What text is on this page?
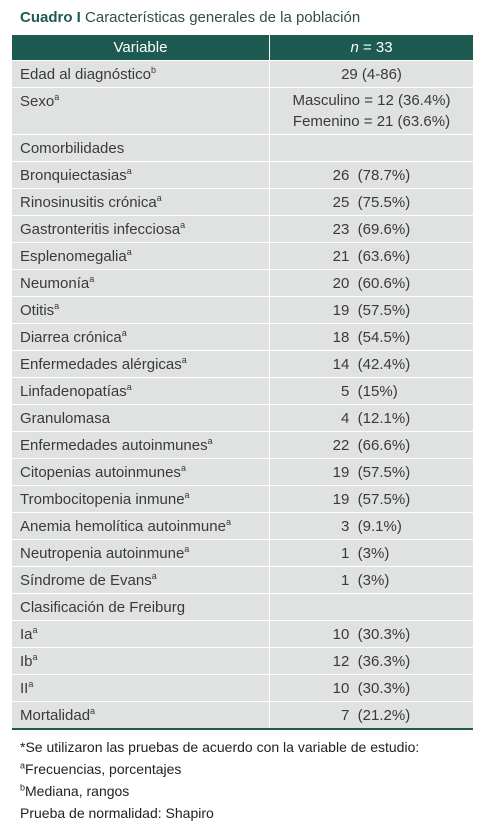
Cuadro I Características generales de la población
Variable	n = 33
Edad al diagnóstico$^b$	29 (4-86)
Sexo$^a$	Masculino = 12 (36.4%)
Femenino = 21 (63.6%)
Comorbilidades	
Bronquiectasias$^a$	26 (78.7%)
Rinosinusitis crónica$^a$	25 (75.5%)
Gastronteritis infecciosa$^a$	23 (69.6%)
Esplenomegalia$^a$	21 (63.6%)
Neumonía$^a$	20 (60.6%)
Otitis$^a$	19 (57.5%)
Diarrea crónica$^a$	18 (54.5%)
Enfermedades alérgicas$^a$	14 (42.4%)
Linfadenopatías$^a$	5 (15%)
Granulomasa	4 (12.1%)
Enfermedades autoinmunes$^a$	22 (66.6%)
Citopenias autoinmunes$^a$	19 (57.5%)
Trombocitopenia inmune$^a$	19 (57.5%)
Anemia hemolítica autoinmune$^a$	3 (9.1%)
Neutropenia autoinmune$^a$	1 (3%)
Síndrome de Evans$^a$	1 (3%)
Clasificación de Freiburg	
Ia$^a$	10 (30.3%)
Ib$^a$	12 (36.3%)
$II^a$	10 (30.3%)
Mortalidad$^a$	7 (21.2%)
*Se utilizaron las pruebas de acuerdo con la variable de estudio:
$^a$Frecuencias, porcentajes
$^b$Mediana, rangos
Prueba de normalidad: Shapiro
